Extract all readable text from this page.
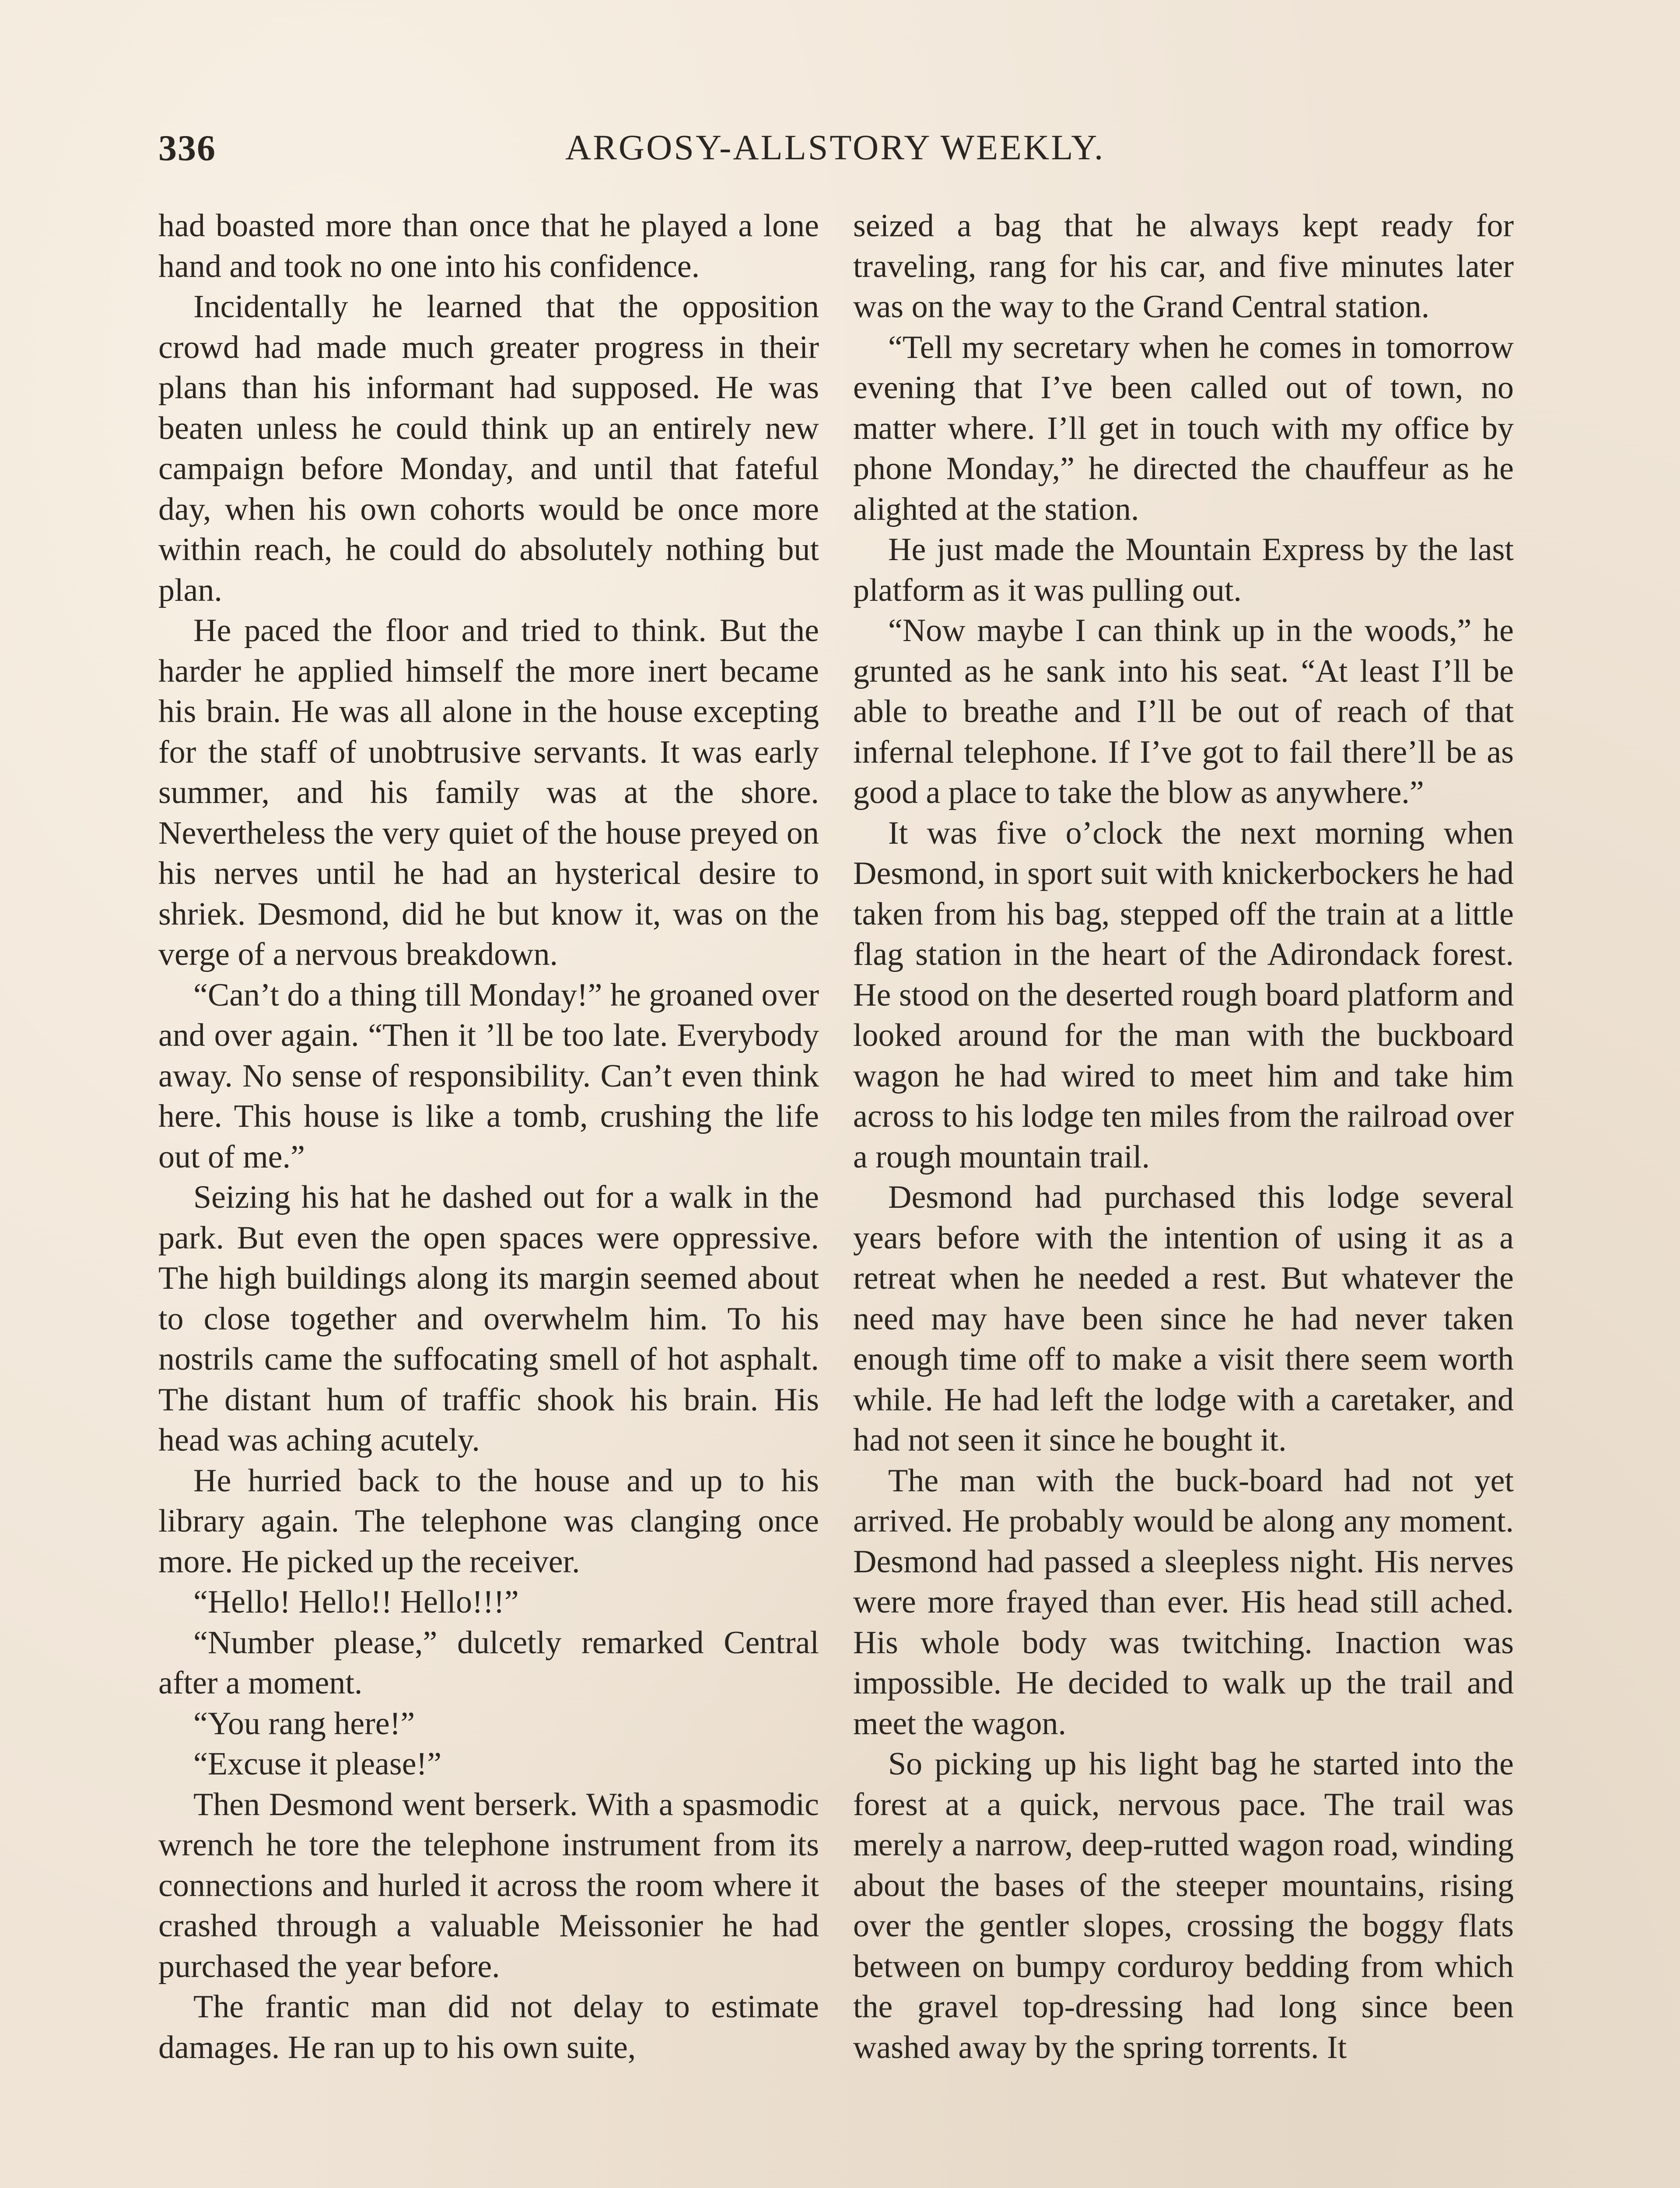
336	ARGOSY-ALLSTORY WEEKLY.

had boasted more than once that he played a lone hand and took no one into his confidence.

Incidentally he learned that the opposition crowd had made much greater progress in their plans than his informant had supposed. He was beaten unless he could think up an entirely new campaign before Monday, and until that fateful day, when his own cohorts would be once more within reach, he could do absolutely nothing but plan.

He paced the floor and tried to think. But the harder he applied himself the more inert became his brain. He was all alone in the house excepting for the staff of unobtrusive servants. It was early summer, and his family was at the shore. Nevertheless the very quiet of the house preyed on his nerves until he had an hysterical desire to shriek. Desmond, did he but know it, was on the verge of a nervous breakdown.

“Can’t do a thing till Monday!” he groaned over and over again. “Then it ’ll be too late. Everybody away. No sense of responsibility. Can’t even think here. This house is like a tomb, crushing the life out of me.”

Seizing his hat he dashed out for a walk in the park. But even the open spaces were oppressive. The high buildings along its margin seemed about to close together and overwhelm him. To his nostrils came the suffocating smell of hot asphalt. The distant hum of traffic shook his brain. His head was aching acutely.

He hurried back to the house and up to his library again. The telephone was clanging once more. He picked up the receiver.

“Hello! Hello!! Hello!!!”

“Number please,” dulcetly remarked Central after a moment.

“You rang here!”

“Excuse it please!”

Then Desmond went berserk. With a spasmodic wrench he tore the telephone instrument from its connections and hurled it across the room where it crashed through a valuable Meissonier he had purchased the year before.

The frantic man did not delay to estimate damages. He ran up to his own suite,

seized a bag that he always kept ready for traveling, rang for his car, and five minutes later was on the way to the Grand Central station.

“Tell my secretary when he comes in tomorrow evening that I’ve been called out of town, no matter where. I’ll get in touch with my office by phone Monday,” he directed the chauffeur as he alighted at the station.

He just made the Mountain Express by the last platform as it was pulling out.

“Now maybe I can think up in the woods,” he grunted as he sank into his seat. “At least I’ll be able to breathe and I’ll be out of reach of that infernal telephone. If I’ve got to fail there’ll be as good a place to take the blow as anywhere.”

It was five o’clock the next morning when Desmond, in sport suit with knickerbockers he had taken from his bag, stepped off the train at a little flag station in the heart of the Adirondack forest. He stood on the deserted rough board platform and looked around for the man with the buckboard wagon he had wired to meet him and take him across to his lodge ten miles from the railroad over a rough mountain trail.

Desmond had purchased this lodge several years before with the intention of using it as a retreat when he needed a rest. But whatever the need may have been since he had never taken enough time off to make a visit there seem worth while. He had left the lodge with a caretaker, and had not seen it since he bought it.

The man with the buck-board had not yet arrived. He probably would be along any moment. Desmond had passed a sleepless night. His nerves were more frayed than ever. His head still ached. His whole body was twitching. Inaction was impossible. He decided to walk up the trail and meet the wagon.

So picking up his light bag he started into the forest at a quick, nervous pace. The trail was merely a narrow, deep-rutted wagon road, winding about the bases of the steeper mountains, rising over the gentler slopes, crossing the boggy flats between on bumpy corduroy bedding from which the gravel top-dressing had long since been washed away by the spring torrents. It
